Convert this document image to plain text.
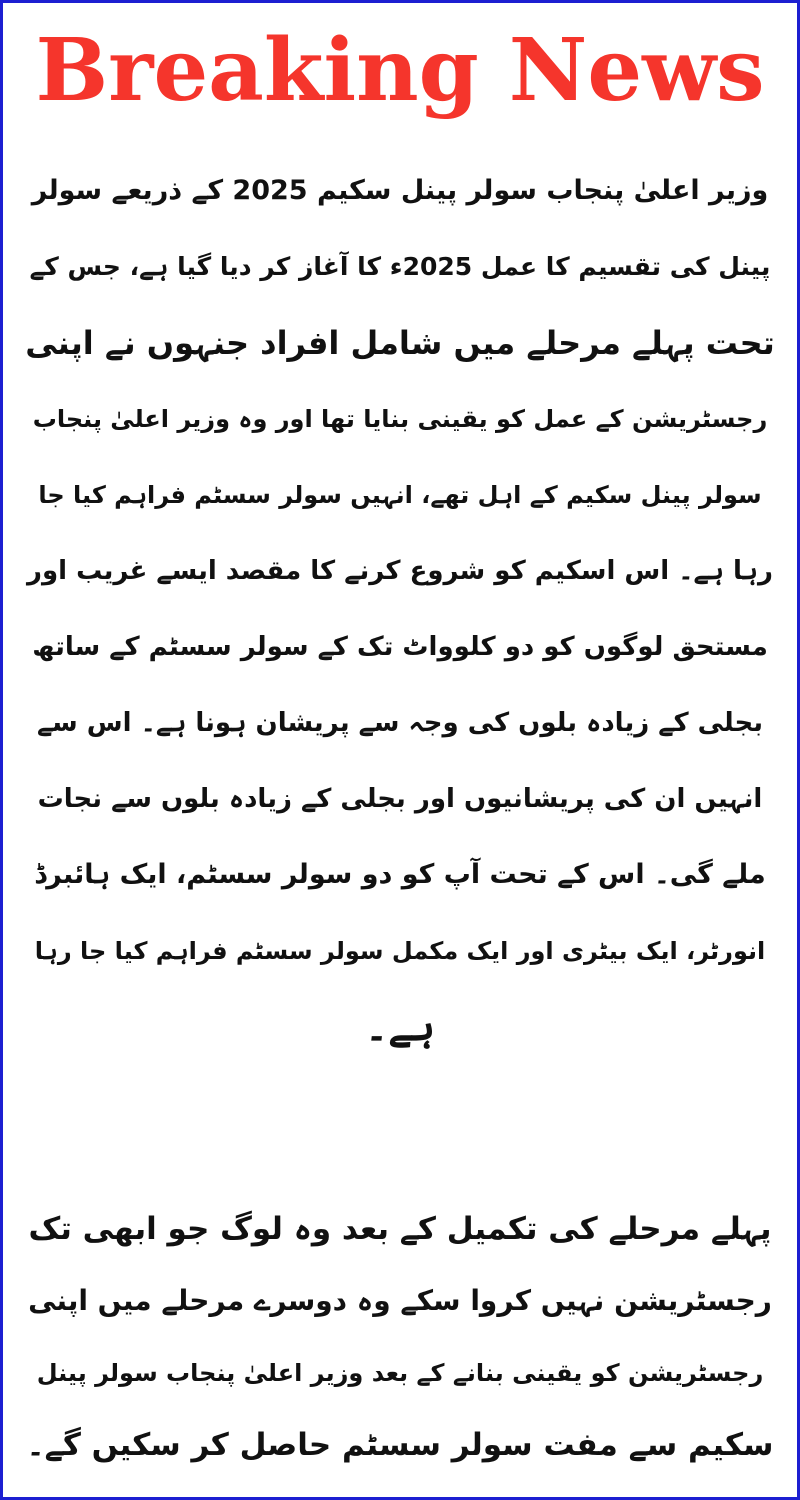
Breaking News
وزیر اعلیٰ پنجاب سولر پینل سکیم 2025 کے ذریعے سولر
پینل کی تقسیم کا عمل 2025ء کا آغاز کر دیا گیا ہے، جس کے
تحت پہلے مرحلے میں شامل افراد جنہوں نے اپنی
رجسٹریشن کے عمل کو یقینی بنایا تھا اور وہ وزیر اعلیٰ پنجاب
سولر پینل سکیم کے اہل تھے، انہیں سولر سسٹم فراہم کیا جا
رہا ہے۔ اس اسکیم کو شروع کرنے کا مقصد ایسے غریب اور
مستحق لوگوں کو دو کلوواٹ تک کے سولر سسٹم کے ساتھ
بجلی کے زیادہ بلوں کی وجہ سے پریشان ہونا ہے۔ اس سے
انہیں ان کی پریشانیوں اور بجلی کے زیادہ بلوں سے نجات
ملے گی۔ اس کے تحت آپ کو دو سولر سسٹم، ایک ہائبرڈ
انورٹر، ایک بیٹری اور ایک مکمل سولر سسٹم فراہم کیا جا رہا
ہے۔
پہلے مرحلے کی تکمیل کے بعد وہ لوگ جو ابھی تک
رجسٹریشن نہیں کروا سکے وہ دوسرے مرحلے میں اپنی
رجسٹریشن کو یقینی بنانے کے بعد وزیر اعلیٰ پنجاب سولر پینل
سکیم سے مفت سولر سسٹم حاصل کر سکیں گے۔
